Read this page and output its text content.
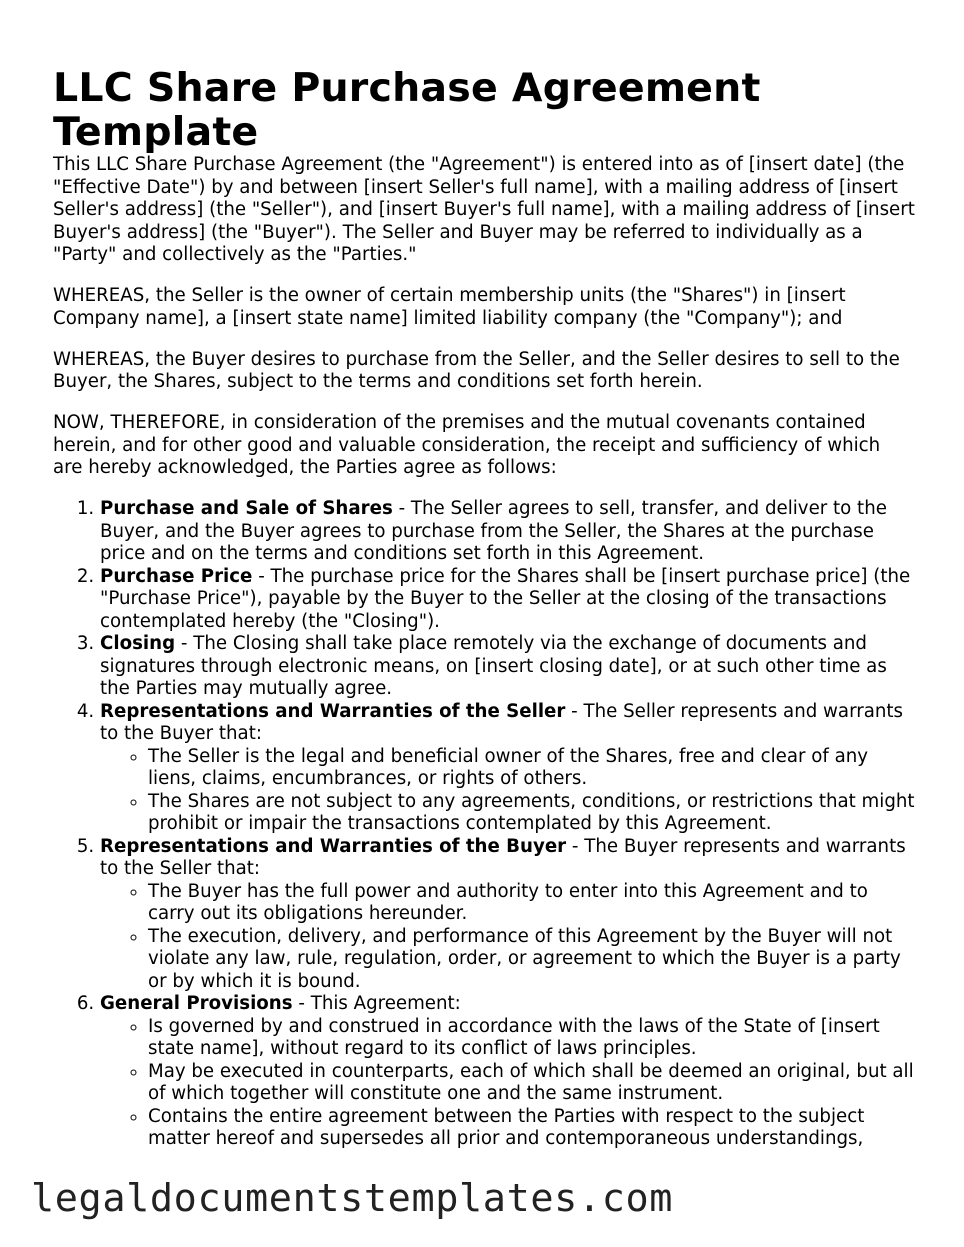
LLC Share Purchase Agreement Template

This LLC Share Purchase Agreement (the "Agreement") is entered into as of [insert date] (the "Effective Date") by and between [insert Seller's full name], with a mailing address of [insert Seller's address] (the "Seller"), and [insert Buyer's full name], with a mailing address of [insert Buyer's address] (the "Buyer"). The Seller and Buyer may be referred to individually as a "Party" and collectively as the "Parties."

WHEREAS, the Seller is the owner of certain membership units (the "Shares") in [insert Company name], a [insert state name] limited liability company (the "Company"); and

WHEREAS, the Buyer desires to purchase from the Seller, and the Seller desires to sell to the Buyer, the Shares, subject to the terms and conditions set forth herein.

NOW, THEREFORE, in consideration of the premises and the mutual covenants contained herein, and for other good and valuable consideration, the receipt and sufficiency of which are hereby acknowledged, the Parties agree as follows:

1. Purchase and Sale of Shares - The Seller agrees to sell, transfer, and deliver to the Buyer, and the Buyer agrees to purchase from the Seller, the Shares at the purchase price and on the terms and conditions set forth in this Agreement.
2. Purchase Price - The purchase price for the Shares shall be [insert purchase price] (the "Purchase Price"), payable by the Buyer to the Seller at the closing of the transactions contemplated hereby (the "Closing").
3. Closing - The Closing shall take place remotely via the exchange of documents and signatures through electronic means, on [insert closing date], or at such other time as the Parties may mutually agree.
4. Representations and Warranties of the Seller - The Seller represents and warrants to the Buyer that:
◦ The Seller is the legal and beneficial owner of the Shares, free and clear of any liens, claims, encumbrances, or rights of others.
◦ The Shares are not subject to any agreements, conditions, or restrictions that might prohibit or impair the transactions contemplated by this Agreement.
5. Representations and Warranties of the Buyer - The Buyer represents and warrants to the Seller that:
◦ The Buyer has the full power and authority to enter into this Agreement and to carry out its obligations hereunder.
◦ The execution, delivery, and performance of this Agreement by the Buyer will not violate any law, rule, regulation, order, or agreement to which the Buyer is a party or by which it is bound.
6. General Provisions - This Agreement:
◦ Is governed by and construed in accordance with the laws of the State of [insert state name], without regard to its conflict of laws principles.
◦ May be executed in counterparts, each of which shall be deemed an original, but all of which together will constitute one and the same instrument.
◦ Contains the entire agreement between the Parties with respect to the subject matter hereof and supersedes all prior and contemporaneous understandings,
legaldocumentstemplates.com
